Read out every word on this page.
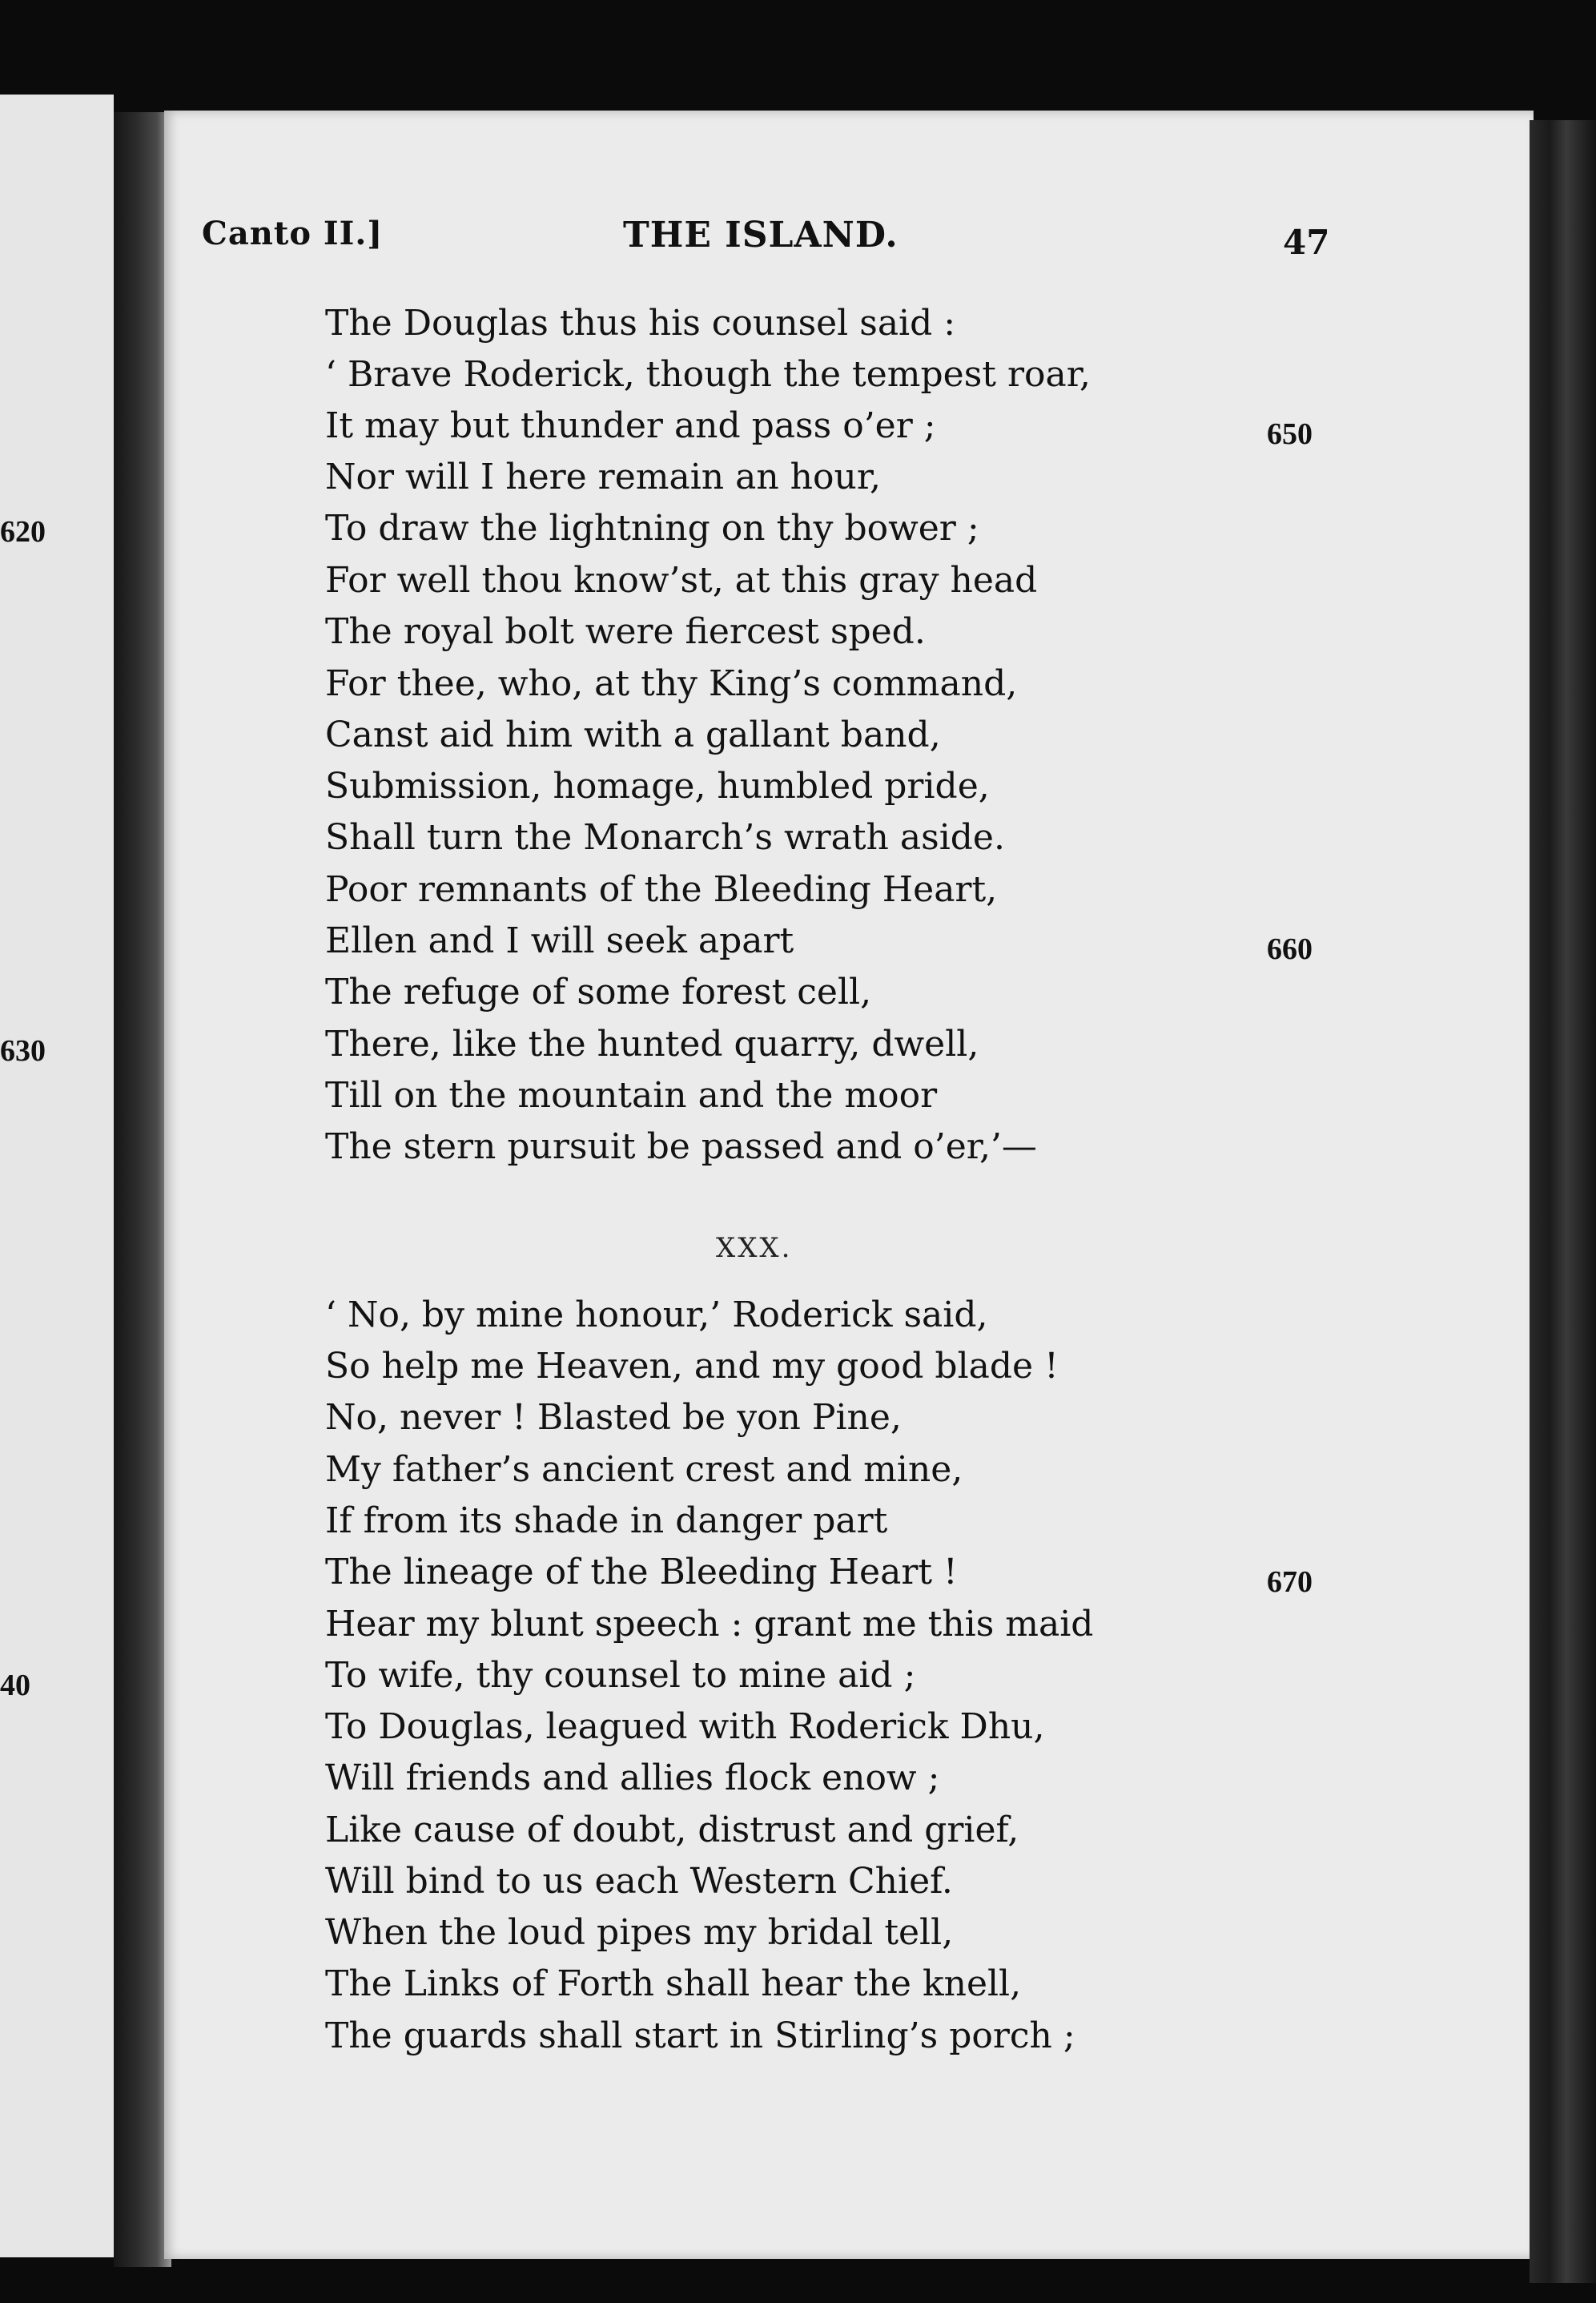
620
630
40
Canto II.]	THE ISLAND.	47
The Douglas thus his counsel said :
‘ Brave Roderick, though the tempest roar,
It may but thunder and pass o’er ;
Nor will I here remain an hour,
To draw the lightning on thy bower ;
For well thou know’st, at this gray head
The royal bolt were fiercest sped.
For thee, who, at thy King’s command,
Canst aid him with a gallant band,
Submission, homage, humbled pride,
Shall turn the Monarch’s wrath aside.
Poor remnants of the Bleeding Heart,
Ellen and I will seek apart
The refuge of some forest cell,
There, like the hunted quarry, dwell,
Till on the mountain and the moor
The stern pursuit be passed and o’er,’—
XXX.
‘ No, by mine honour,’ Roderick said,
So help me Heaven, and my good blade !
No, never ! Blasted be yon Pine,
My father’s ancient crest and mine,
If from its shade in danger part
The lineage of the Bleeding Heart !
Hear my blunt speech : grant me this maid
To wife, thy counsel to mine aid ;
To Douglas, leagued with Roderick Dhu,
Will friends and allies flock enow ;
Like cause of doubt, distrust and grief,
Will bind to us each Western Chief.
When the loud pipes my bridal tell,
The Links of Forth shall hear the knell,
The guards shall start in Stirling’s porch ;
650
660
670
